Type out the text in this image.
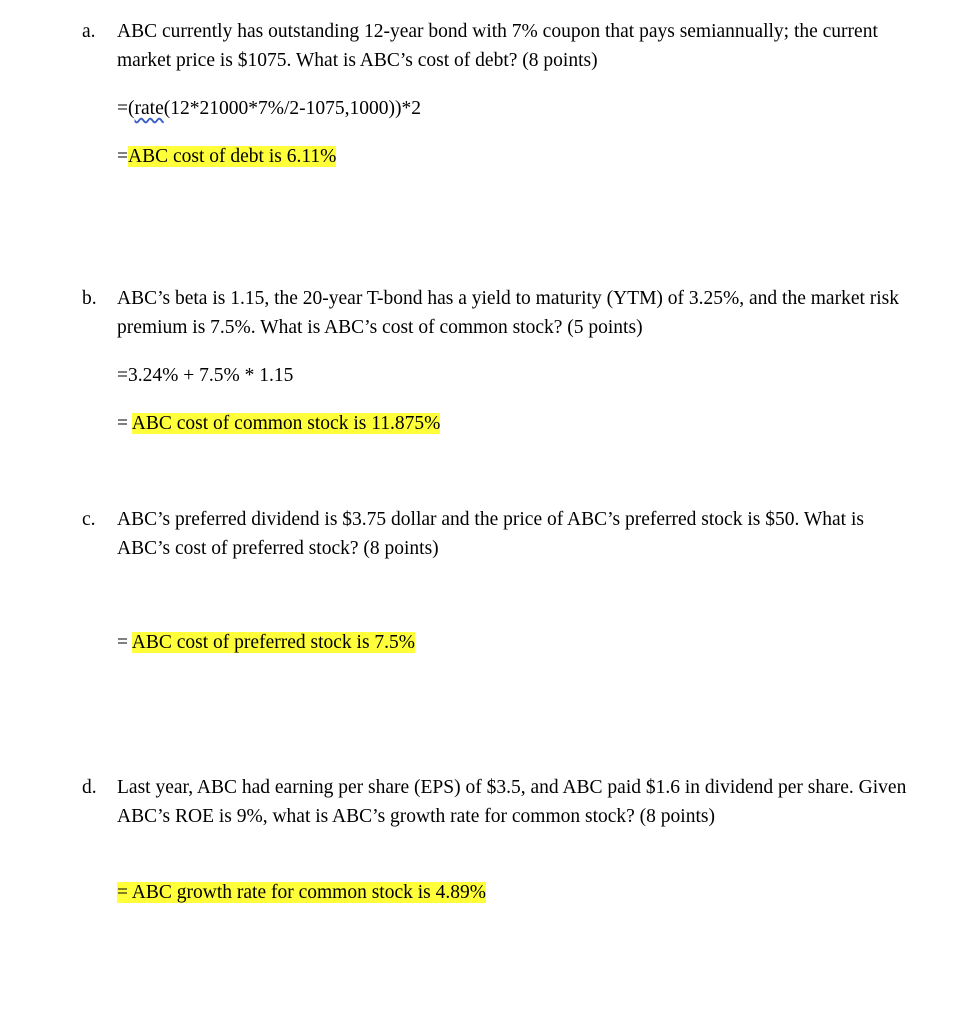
a. ABC currently has outstanding 12-year bond with 7% coupon that pays semiannually; the current market price is $1075. What is ABC’s cost of debt? (8 points)
=(rate(12*21000*7%/2-1075,1000))*2
=ABC cost of debt is 6.11%
b. ABC’s beta is 1.15, the 20-year T-bond has a yield to maturity (YTM) of 3.25%, and the market risk premium is 7.5%. What is ABC’s cost of common stock? (5 points)
=3.24% + 7.5% * 1.15
= ABC cost of common stock is 11.875%
c. ABC’s preferred dividend is $3.75 dollar and the price of ABC’s preferred stock is $50. What is ABC’s cost of preferred stock? (8 points)
= ABC cost of preferred stock is 7.5%
d. Last year, ABC had earning per share (EPS) of $3.5, and ABC paid $1.6 in dividend per share. Given ABC’s ROE is 9%, what is ABC’s growth rate for common stock? (8 points)
= ABC growth rate for common stock is 4.89%
